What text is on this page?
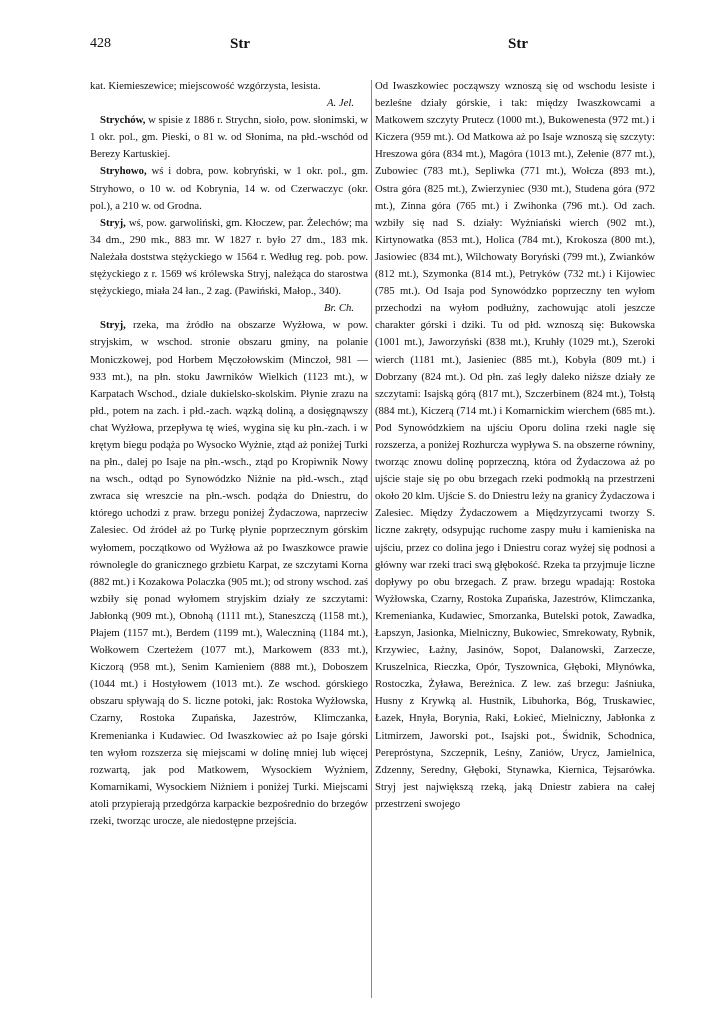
428	Str	Str

kat. Kiemieszewice; miejscowość wzgórzysta, lesista.
A. Jel.

Strychów, w spisie z 1886 r. Strychn, sioło, pow. słonimski, w 1 okr. pol., gm. Pieski, o 81 w. od Słonima, na płd.-wschód od Berezy Kartuskiej.

Stryhowo, wś i dobra, pow. kobryński, w 1 okr. pol., gm. Stryhowo, o 10 w. od Kobrynia, 14 w. od Czerwaczyc (okr. pol.), a 210 w. od Grodna.

Stryj, wś, pow. garwoliński, gm. Kłoczew, par. Żelechów; ma 34 dm., 290 mk., 883 mr. W 1827 r. było 27 dm., 183 mk. Należała doststwa stężyckiego w 1564 r. Według reg. pob. pow. stężyckiego z r. 1569 wś królewska Stryj, należąca do starostwa stężyckiego, miała 24 łan., 2 zag. (Pawiński, Małop., 340).
Br. Ch.

Stryj, rzeka, ma źródło na obszarze Wyżłowa, w pow. stryjskim, w wschod. stronie obszaru gminy, na polanie Moniczkowej, pod Horbem Męczołowskim (Minczoł, 981 — 933 mt.), na płn. stoku Jawrników Wielkich (1123 mt.), w Karpatach Wschod., dziale dukielsko-skolskim. Płynie zrazu na płd., potem na zach. i płd.-zach. wązką doliną, a dosięgnąwszy chat Wyżłowa, przepływa tę wieś, wygina się ku płn.-zach. i w krętym biegu podąża po Wysocko Wyżnie, ztąd aż poniżej Turki na płn., dalej po Isaje na płn.-wsch., ztąd po Kropiwnik Nowy na wsch., odtąd po Synowódzko Niżnie na płd.-wsch., ztąd zwraca się wreszcie na płn.-wsch. podąża do Dniestru, do którego uchodzi z praw. brzegu poniżej Żydaczowa, naprzeciw Zalesiec. Od źródeł aż po Turkę płynie poprzecznym górskim wyłomem, początkowo od Wyżłowa aż po Iwaszkowce prawie równolegle do granicznego grzbietu Karpat, ze szczytami Korna (882 mt.) i Kozakowa Polaczka (905 mt.); od strony wschod. zaś wzbiły się ponad wyłomem stryjskim działy ze szczytami: Jabłonką (909 mt.), Obnohą (1111 mt.), Staneszczą (1158 mt.), Płajem (1157 mt.), Berdem (1199 mt.), Waleczniną (1184 mt.), Wołkowem Czerteżem (1077 mt.), Markowem (833 mt.), Kiczorą (958 mt.), Senim Kamieniem (888 mt.), Doboszem (1044 mt.) i Hostyłowem (1013 mt.). Ze wschod. górskiego obszaru spływają do S. liczne potoki, jak: Rostoka Wyżłowska, Czarny, Rostoka Zupańska, Jazestrów, Klimczanka, Kremenianka i Kudawiec. Od Iwaszkowiec aż po Isaje górski ten wyłom rozszerza się miejscami w dolinę mniej lub więcej rozwartą, jak pod Matkowem, Wysockiem Wyżniem, Komarnikami, Wysockiem Niżniem i poniżej Turki. Miejscami atoli przypierają przedgórza karpackie bezpośrednio do brzegów rzeki, tworząc urocze, ale niedostępne przejścia.

Od Iwaszkowiec począwszy wznoszą się od wschodu lesiste i bezleśne działy górskie, i tak: między Iwaszkowcami a Matkowem szczyty Prutecz (1000 mt.), Bukowenesta (972 mt.) i Kiczera (959 mt.). Od Matkowa aż po Isaje wznoszą się szczyty: Hreszowa góra (834 mt.), Magóra (1013 mt.), Zełenie (877 mt.), Zubowiec (783 mt.), Sepliwka (771 mt.), Wołcza (893 mt.), Ostra góra (825 mt.), Zwierzyniec (930 mt.), Studena góra (972 mt.), Zinna góra (765 mt.) i Zwihonka (796 mt.). Od zach. wzbiły się nad S. działy: Wyżniański wierch (902 mt.), Kirtynowatka (853 mt.), Holica (784 mt.), Krokosza (800 mt.), Jasiowiec (834 mt.), Wilchowaty Boryński (799 mt.), Zwianków (812 mt.), Szymonka (814 mt.), Petryków (732 mt.) i Kijowiec (785 mt.). Od Isaja pod Synowódzko poprzeczny ten wyłom przechodzi na wyłom podłużny, zachowując atoli jeszcze charakter górski i dziki. Tu od płd. wznoszą się: Bukowska (1001 mt.), Jaworzyński (838 mt.), Kruhły (1029 mt.), Szeroki wierch (1181 mt.), Jasieniec (885 mt.), Kobyła (809 mt.) i Dobrzany (824 mt.). Od płn. zaś legły daleko niższe działy ze szczytami: Isajską górą (817 mt.), Szczerbinem (824 mt.), Tołstą (884 mt.), Kiczerą (714 mt.) i Komarnickim wierchem (685 mt.). Pod Synowódzkiem na ujściu Oporu dolina rzeki nagle się rozszerza, a poniżej Rozhurcza wypływa S. na obszerne równiny, tworząc znowu dolinę poprzeczną, która od Żydaczowa aż po ujście staje się po obu brzegach rzeki podmokłą na przestrzeni około 20 klm. Ujście S. do Dniestru leży na granicy Żydaczowa i Zalesiec. Między Żydaczowem a Międzyrzycami tworzy S. liczne zakręty, odsypując ruchome zaspy mułu i kamieniska na ujściu, przez co dolina jego i Dniestru coraz wyżej się podnosi a główny war rzeki traci swą głębokość. Rzeka ta przyjmuje liczne dopływy po obu brzegach. Z praw. brzegu wpadają: Rostoka Wyżłowska, Czarny, Rostoka Zupańska, Jazestrów, Klimczanka, Kremenianka, Kudawiec, Smorzanka, Butelski potok, Zawadka, Łapszyn, Jasionka, Mielniczny, Bukowiec, Smrekowaty, Rybnik, Krzywiec, Łaźny, Jasinów, Sopot, Dalanowski, Zarzecze, Kruszelnica, Rieczka, Opór, Tyszownica, Głęboki, Młynówka, Rostoczka, Żyława, Bereżnica. Z lew. zaś brzegu: Jaśniuka, Husny z Krywką al. Hustnik, Libuhorka, Bóg, Truskawiec, Łazek, Hnyła, Borynia, Raki, Łokieć, Mielniczny, Jabłonka z Litmirzem, Jaworski pot., Isajski pot., Świdnik, Schodnica, Perepróstyna, Szczepnik, Leśny, Zaniów, Urycz, Jamielnica, Zdzenny, Seredny, Głęboki, Stynawka, Kiernica, Tejsarówka. Stryj jest największą rzeką, jaką Dniestr zabiera na całej przestrzeni swojego
